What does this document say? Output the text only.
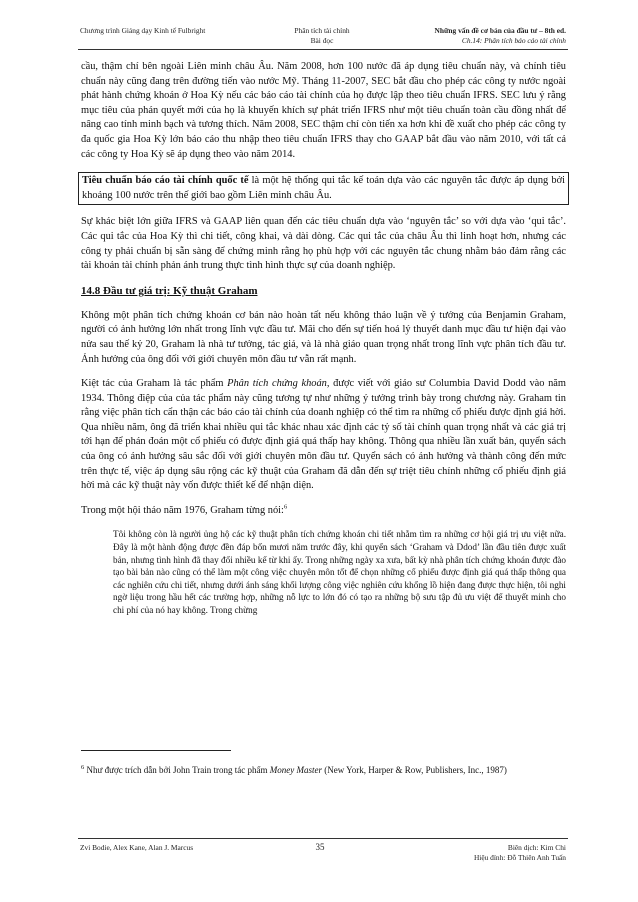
Chương trình Giảng dạy Kinh tế Fulbright	Phân tích tài chính
Bài đọc
Những vấn đề cơ bản của đầu tư – 8th ed.
Ch.14: Phân tích báo cáo tài chính

cầu, thậm chí bên ngoài Liên minh châu Âu. Năm 2008, hơn 100 nước đã áp dụng tiêu chuẩn này, và chính tiêu chuẩn này cũng đang trên đường tiến vào nước Mỹ. Tháng 11-2007, SEC bắt đầu cho phép các công ty nước ngoài phát hành chứng khoán ở Hoa Kỳ nếu các báo cáo tài chính của họ được lập theo tiêu chuẩn IFRS. SEC lưu ý rằng mục tiêu của phán quyết mới của họ là khuyến khích sự phát triển IFRS như một tiêu chuẩn toàn cầu đồng nhất để nâng cao tính minh bạch và tương thích. Năm 2008, SEC thậm chí còn tiến xa hơn khi đề xuất cho phép các công ty đa quốc gia Hoa Kỳ lớn báo cáo thu nhập theo tiêu chuẩn IFRS thay cho GAAP bắt đầu vào năm 2010, với tất cả các công ty Hoa Kỳ sẽ áp dụng theo vào năm 2014.

Tiêu chuẩn báo cáo tài chính quốc tế là một hệ thống qui tắc kế toán dựa vào các nguyên tắc được áp dụng bởi khoảng 100 nước trên thế giới bao gồm Liên minh châu Âu.

Sự khác biệt lớn giữa IFRS và GAAP liên quan đến các tiêu chuẩn dựa vào ‘nguyên tắc’ so với dựa vào ‘qui tắc’. Các qui tắc của Hoa Kỳ thì chi tiết, công khai, và dài dòng. Các qui tắc của châu Âu thì linh hoạt hơn, nhưng các công ty phải chuẩn bị sẵn sàng để chứng minh rằng họ phù hợp với các nguyên tắc chung nhằm bảo đảm rằng các tài khoản tài chính phản ánh trung thực tình hình thực sự của doanh nghiệp.

14.8 Đầu tư giá trị: Kỹ thuật Graham

Không một phân tích chứng khoán cơ bản nào hoàn tất nếu không thảo luận về ý tưởng của Benjamin Graham, người có ảnh hưởng lớn nhất trong lĩnh vực đầu tư. Mãi cho đến sự tiến hoá lý thuyết danh mục đầu tư hiện đại vào nửa sau thế kỷ 20, Graham là nhà tư tưởng, tác giả, và là nhà giáo quan trọng nhất trong lĩnh vực phân tích đầu tư. Ảnh hưởng của ông đối với giới chuyên môn đầu tư vẫn rất mạnh.

Kiệt tác của Graham là tác phẩm Phân tích chứng khoán, được viết với giáo sư Columbia David Dodd vào năm 1934. Thông điệp của của tác phẩm này cũng tương tự như những ý tưởng trình bày trong chương này. Graham tin rằng việc phân tích cẩn thận các báo cáo tài chính của doanh nghiệp có thể tìm ra những cổ phiếu được định giá hời. Qua nhiều năm, ông đã triển khai nhiều qui tắc khác nhau xác định các tỷ số tài chính quan trọng nhất và các giá trị tới hạn để phán đoán một cổ phiếu có được định giá quá thấp hay không. Thông qua nhiều lần xuất bản, quyển sách của ông có ảnh hưởng sâu sắc đối với giới chuyên môn đầu tư. Quyển sách có ảnh hưởng và thành công đến mức trên thực tế, việc áp dụng sâu rộng các kỹ thuật của Graham đã dẫn đến sự triệt tiêu chính những cổ phiếu định giá hời mà các kỹ thuật này vốn được thiết kế để nhận diện.

Trong một hội thảo năm 1976, Graham từng nói:$^6$

Tôi không còn là người ủng hộ các kỹ thuật phân tích chứng khoán chi tiết nhằm tìm ra những cơ hội giá trị ưu việt nữa. Đây là một hành động được đền đáp bốn mươi năm trước đây, khi quyển sách ‘Graham và Ddod’ lần đầu tiên được xuất bản, nhưng tình hình đã thay đổi nhiều kể từ khi ấy. Trong những ngày xa xưa, bất kỳ nhà phân tích chứng khoán được đào tạo bài bản nào cũng có thể làm một công việc chuyên môn tốt để chọn những cổ phiếu được định giá quá thấp thông qua các nghiên cứu chi tiết, nhưng dưới ánh sáng khối lượng công việc nghiên cứu khổng lồ hiện đang được thực hiện, tôi nghi ngờ liệu trong hầu hết các trường hợp, những nỗ lực to lớn đó có tạo ra những bộ sưu tập đủ ưu việt để thuyết minh cho chi phí của nó hay không. Trong chừng

$^6$ Như được trích dẫn bởi John Train trong tác phẩm Money Master (New York, Harper & Row, Publishers, Inc., 1987)
Zvi Bodie, Alex Kane, Alan J. Marcus	35	Biên dịch: Kim Chi
Hiệu đính: Đỗ Thiên Anh Tuấn
